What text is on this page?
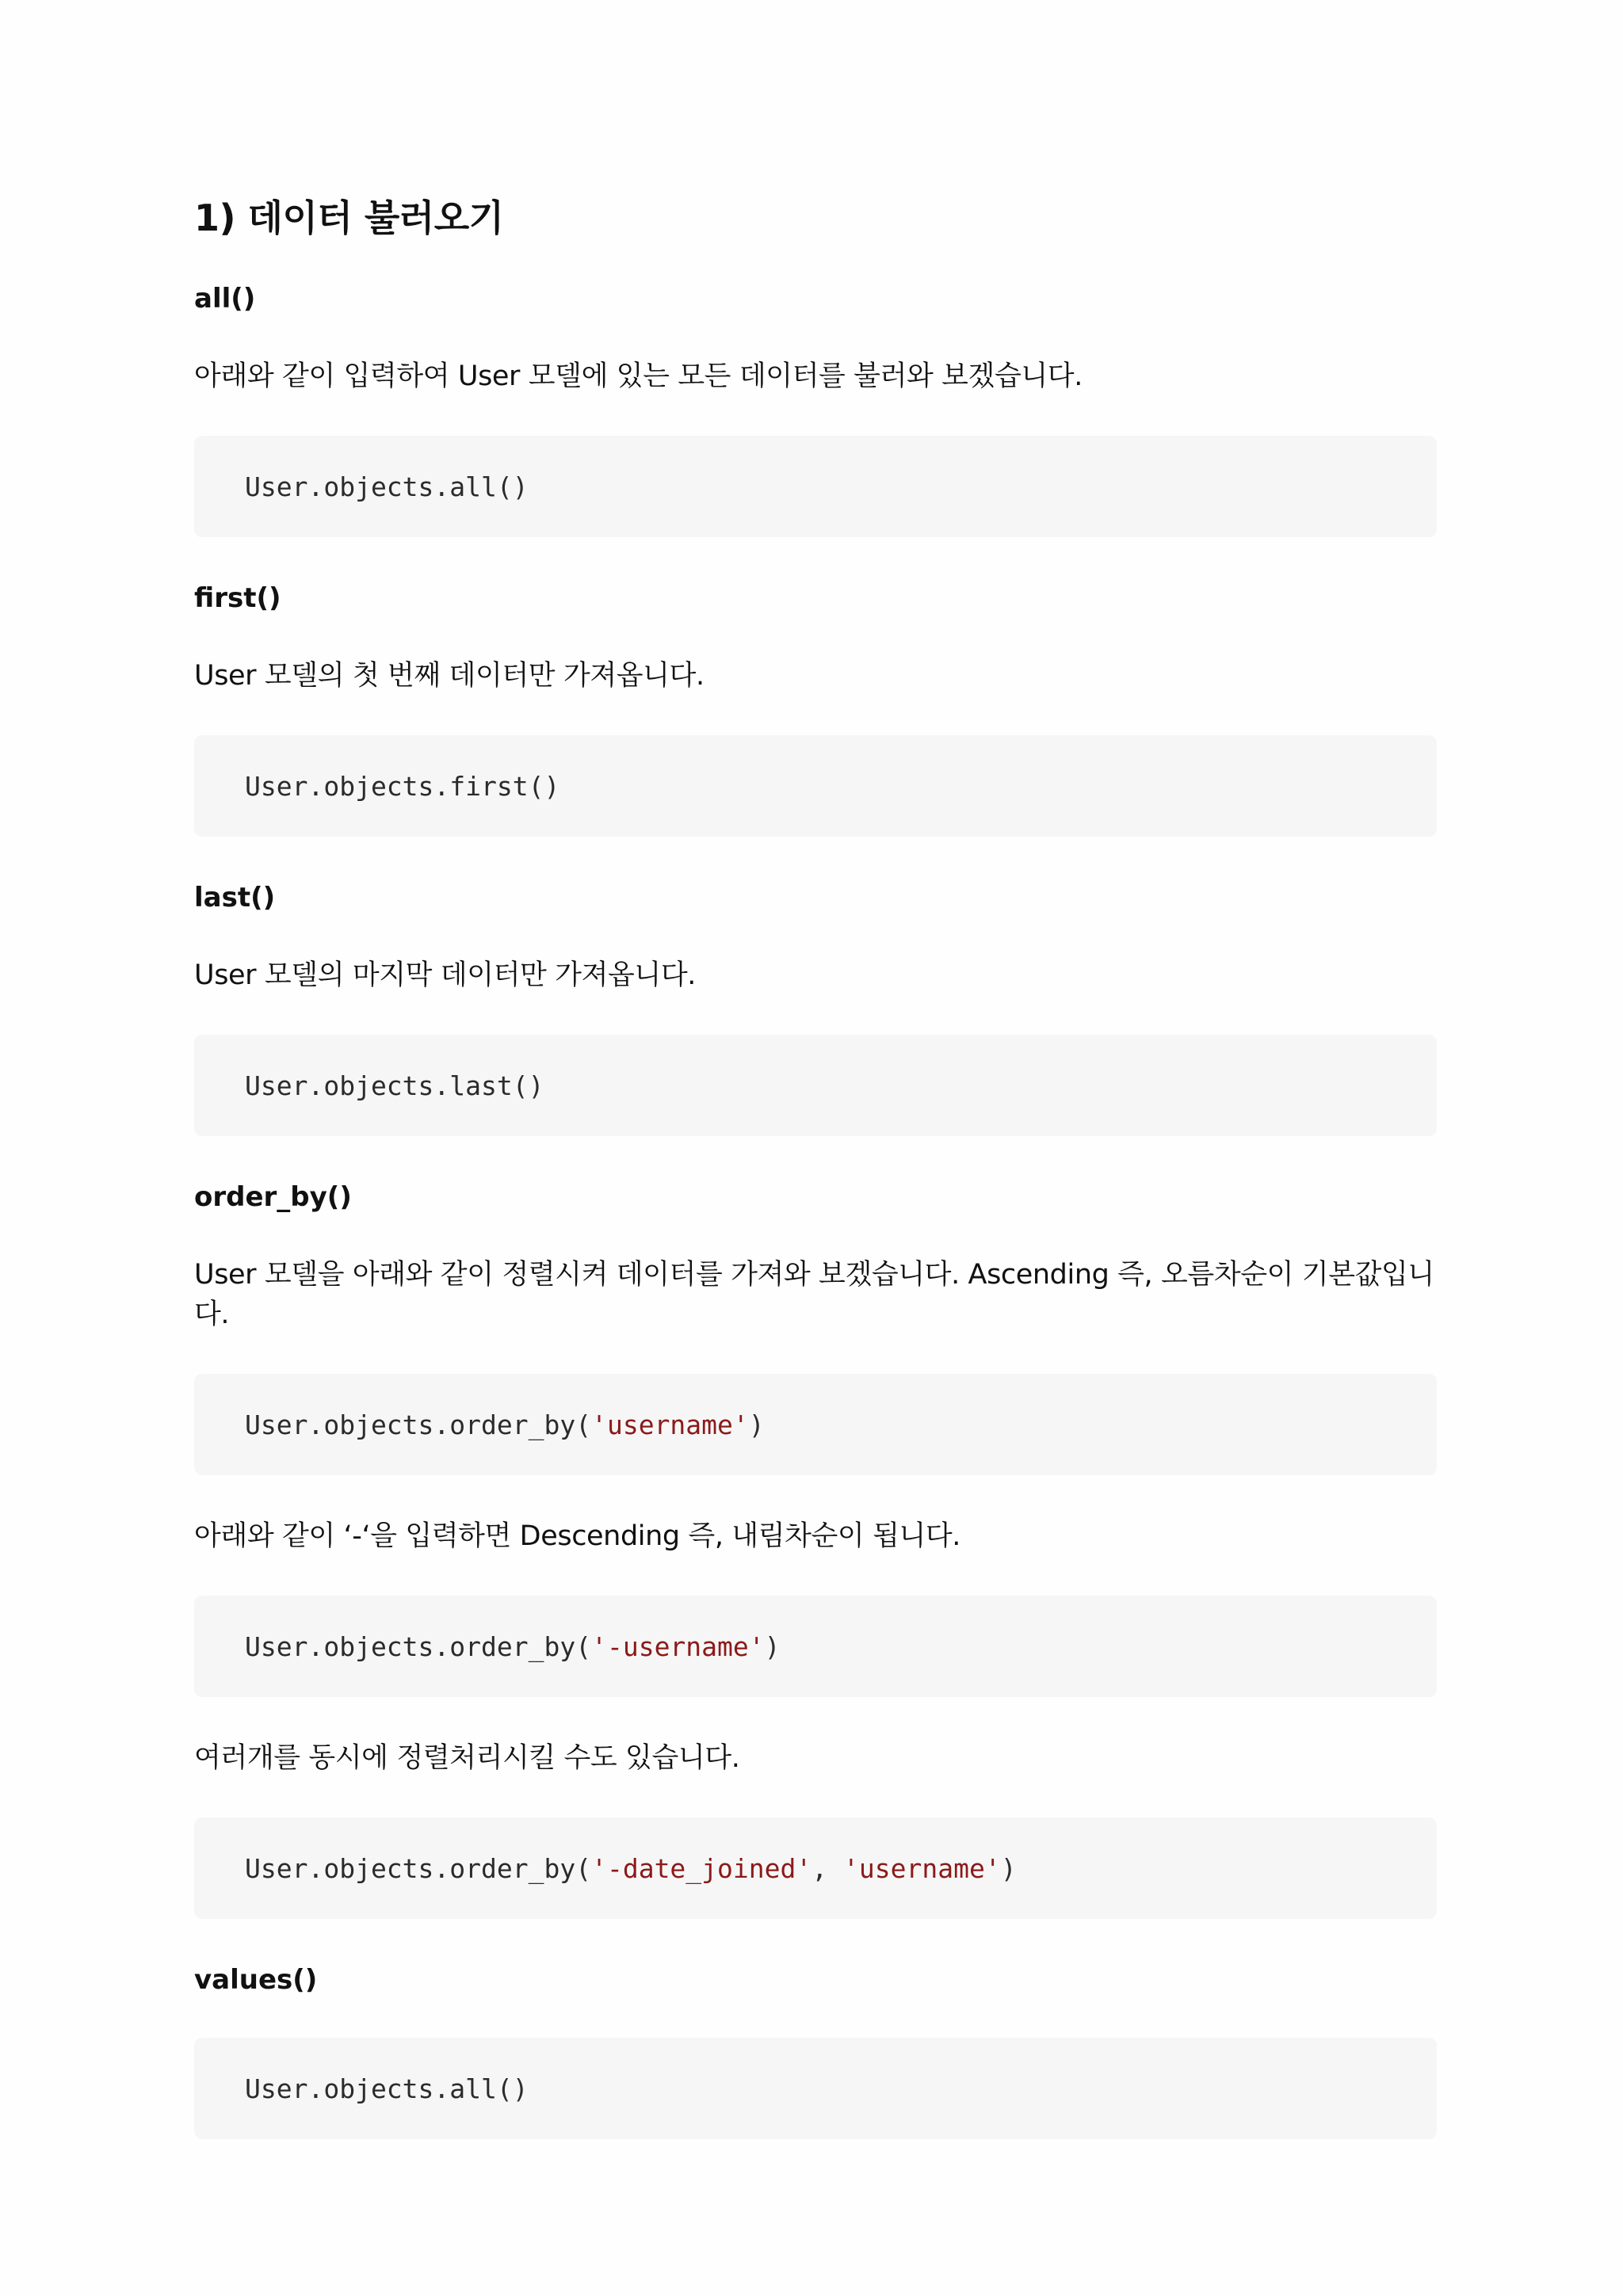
1) 데이터 불러오기

all()

아래와 같이 입력하여 User 모델에 있는 모든 데이터를 불러와 보겠습니다.

User.objects.all()

first()

User 모델의 첫 번째 데이터만 가져옵니다.

User.objects.first()

last()

User 모델의 마지막 데이터만 가져옵니다.

User.objects.last()

order_by()

User 모델을 아래와 같이 정렬시켜 데이터를 가져와 보겠습니다. Ascending 즉, 오름차순이 기본값입니다.

User.objects.order_by( 'username' )

아래와 같이 ‘-‘을 입력하면 Descending 즉, 내림차순이 됩니다.

User.objects.order_by( '-username' )

여러개를 동시에 정렬처리시킬 수도 있습니다.

User.objects.order_by( '-date_joined' , 'username' )

values()

User.objects.all()
